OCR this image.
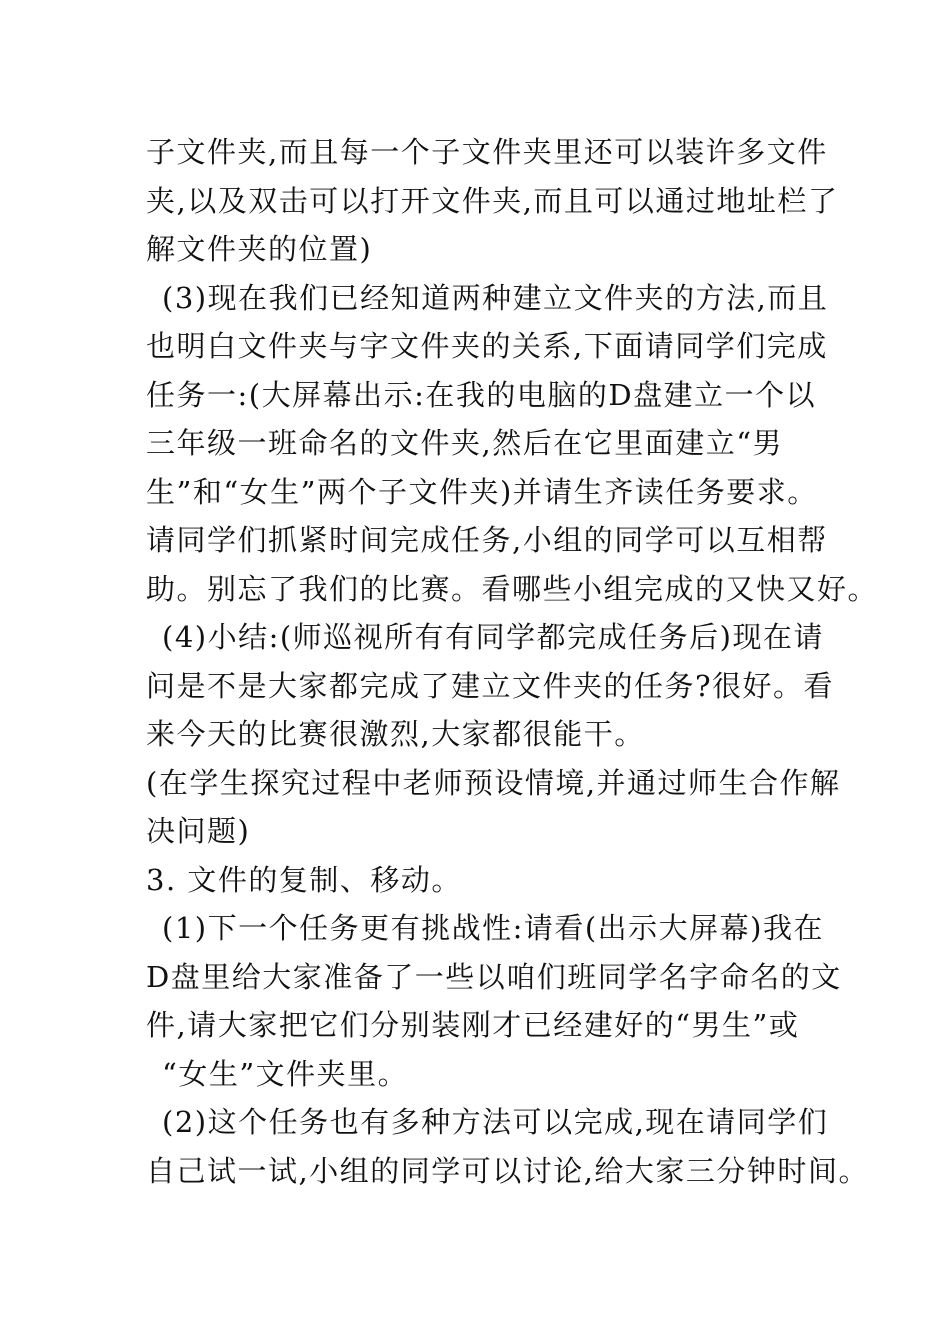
子文件夹,而且每一个子文件夹里还可以装许多文件
夹,以及双击可以打开文件夹,而且可以通过地址栏了
解文件夹的位置)
(3)现在我们已经知道两种建立文件夹的方法,而且
也明白文件夹与字文件夹的关系,下面请同学们完成
任务一:(大屏幕出示:在我的电脑的D盘建立一个以
三年级一班命名的文件夹,然后在它里面建立“男
生”和“女生”两个子文件夹)并请生齐读任务要求。
请同学们抓紧时间完成任务,小组的同学可以互相帮
助。别忘了我们的比赛。看哪些小组完成的又快又好。
(4)小结:(师巡视所有有同学都完成任务后)现在请
问是不是大家都完成了建立文件夹的任务?很好。看
来今天的比赛很激烈,大家都很能干。
(在学生探究过程中老师预设情境,并通过师生合作解
决问题)
3. 文件的复制、移动。
(1)下一个任务更有挑战性:请看(出示大屏幕)我在
D盘里给大家准备了一些以咱们班同学名字命名的文
件,请大家把它们分别装刚才已经建好的“男生”或
“女生”文件夹里。
(2)这个任务也有多种方法可以完成,现在请同学们
自己试一试,小组的同学可以讨论,给大家三分钟时间。
